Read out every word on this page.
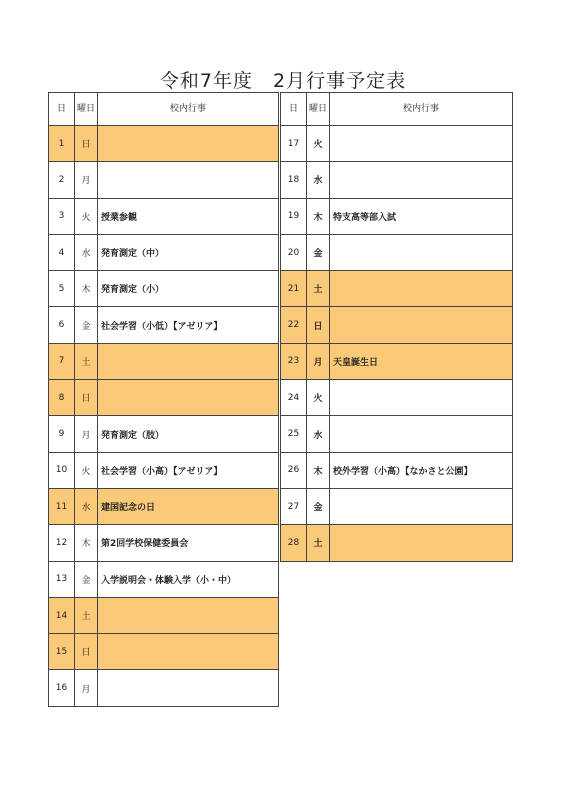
令和7年度　2月行事予定表
日	曜日	校内行事
1	日	
2	月	
3	火	授業参観
4	水	発育測定（中）
5	木	発育測定（小）
6	金	社会学習（小低）【アゼリア】
7	土	
8	日	
9	月	発育測定（肢）
10	火	社会学習（小高）【アゼリア】
11	水	建国記念の日
12	木	第2回学校保健委員会
13	金	入学説明会・体験入学（小・中）
14	土	
15	日	
16	月	
日	曜日	校内行事
17	火	
18	水	
19	木	特支高等部入試
20	金	
21	土	
22	日	
23	月	天皇誕生日
24	火	
25	水	
26	木	校外学習（小高）【なかさと公園】
27	金	
28	土	
